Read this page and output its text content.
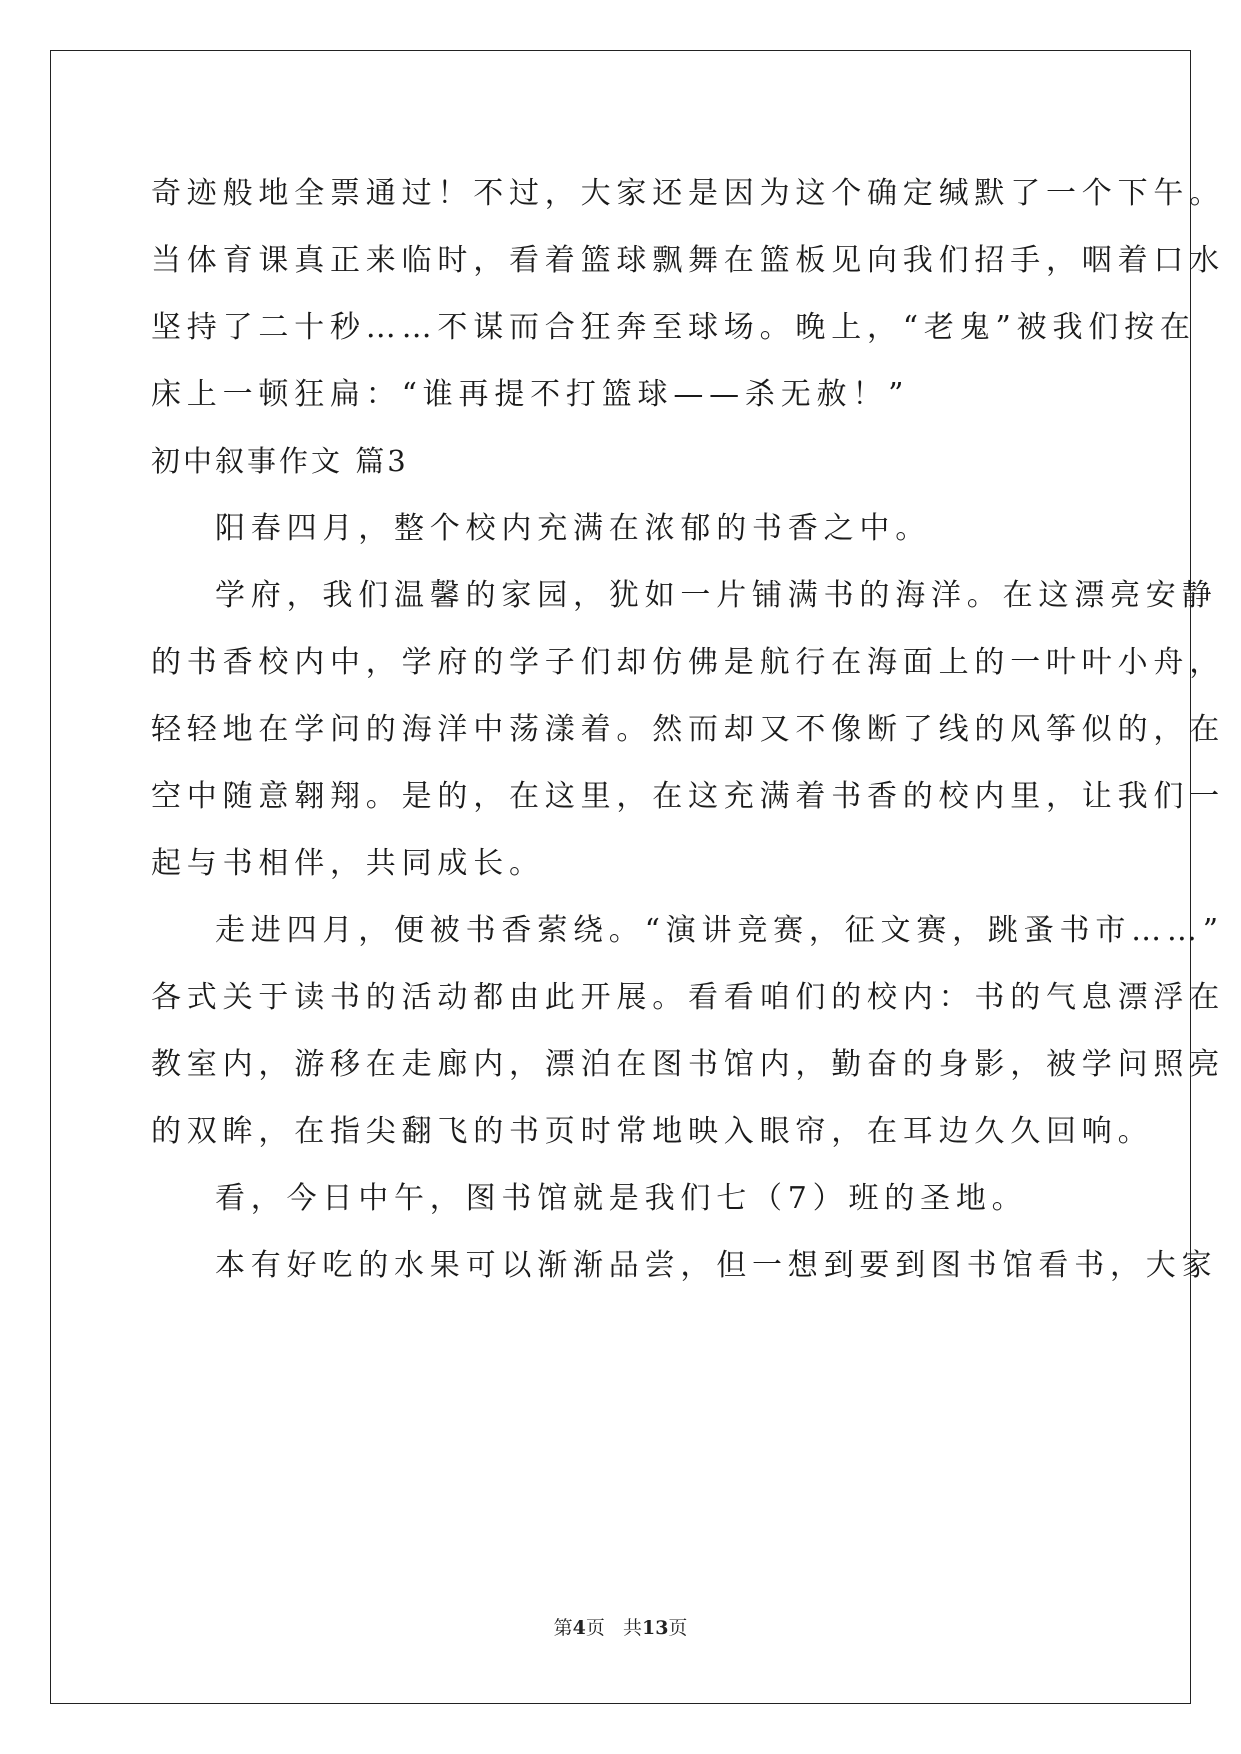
奇迹般地全票通过！不过，大家还是因为这个确定缄默了一个下午。
当体育课真正来临时，看着篮球飘舞在篮板见向我们招手，咽着口水
坚持了二十秒……不谋而合狂奔至球场。晚上，“老鬼”被我们按在
床上一顿狂扁：“谁再提不打篮球——杀无赦！”
初中叙事作文 篇3
阳春四月，整个校内充满在浓郁的书香之中。
学府，我们温馨的家园，犹如一片铺满书的海洋。在这漂亮安静
的书香校内中，学府的学子们却仿佛是航行在海面上的一叶叶小舟，
轻轻地在学问的海洋中荡漾着。然而却又不像断了线的风筝似的，在
空中随意翱翔。是的，在这里，在这充满着书香的校内里，让我们一
起与书相伴，共同成长。
走进四月，便被书香萦绕。“演讲竞赛，征文赛，跳蚤书市……”
各式关于读书的活动都由此开展。看看咱们的校内：书的气息漂浮在
教室内，游移在走廊内，漂泊在图书馆内，勤奋的身影，被学问照亮
的双眸，在指尖翻飞的书页时常地映入眼帘，在耳边久久回响。
看，今日中午，图书馆就是我们七（7）班的圣地。
本有好吃的水果可以渐渐品尝，但一想到要到图书馆看书，大家
第4页 共13页
